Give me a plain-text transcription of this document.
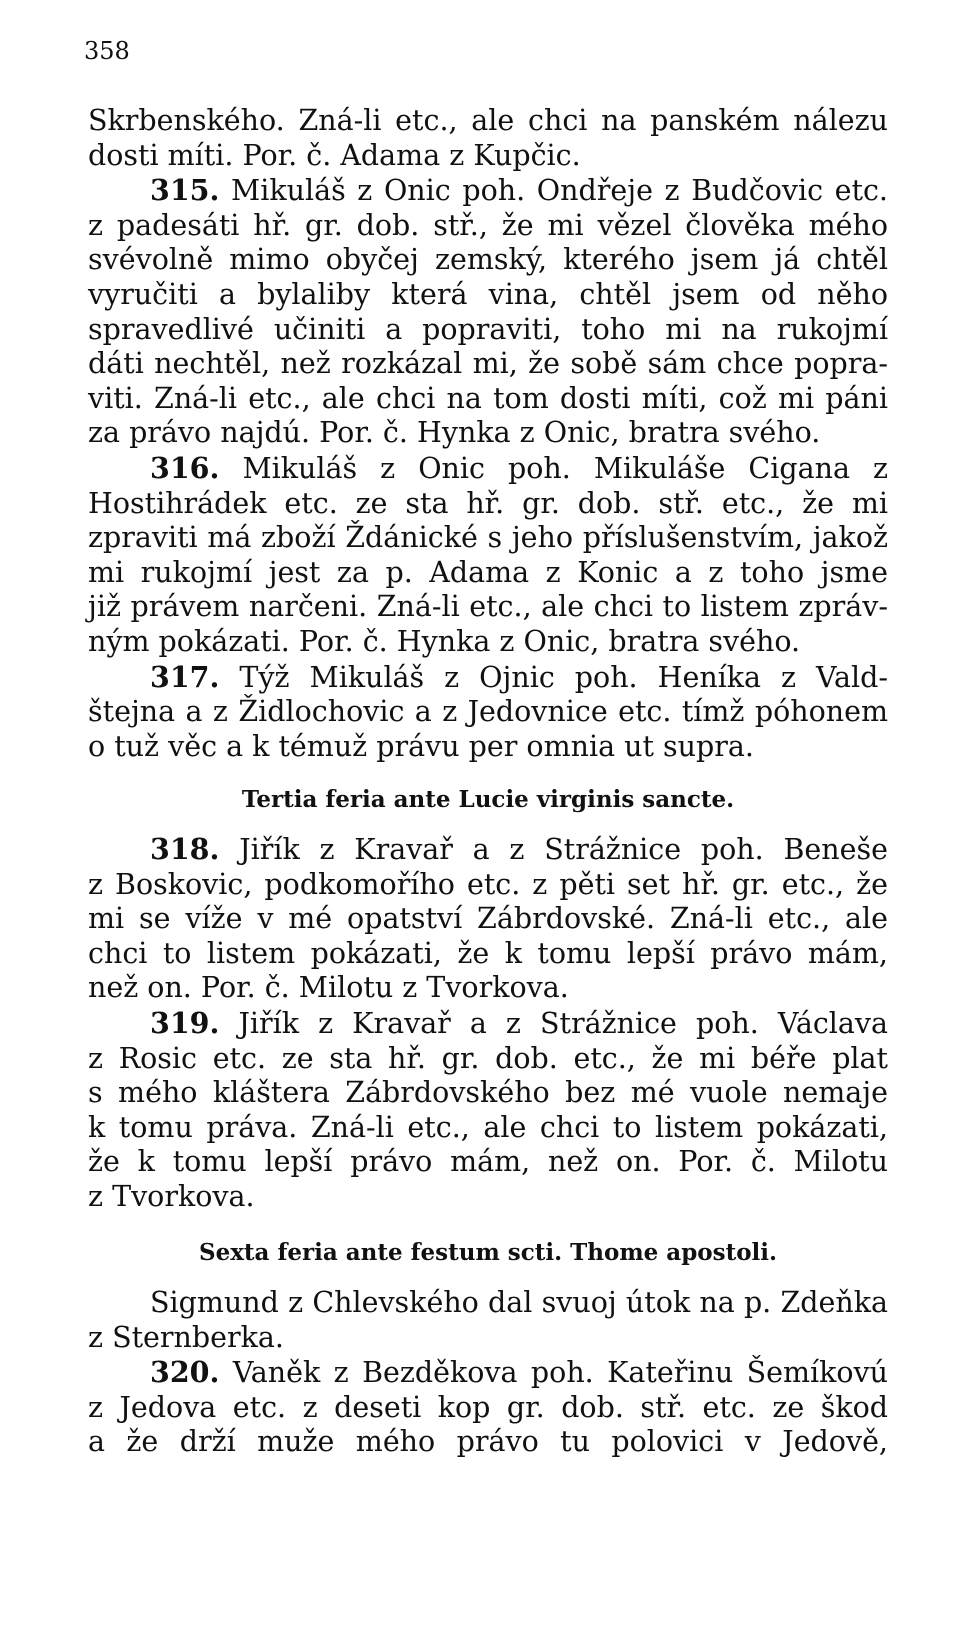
358
Skrbenského. Zná-li etc., ale chci na panském nálezu
dosti míti. Por. č. Adama z Kupčic.
315. Mikuláš z Onic poh. Ondřeje z Budčovic etc.
z padesáti hř. gr. dob. stř., že mi vězel člověka mého
svévolně mimo obyčej zemský, kterého jsem já chtěl
vyručiti a bylaliby která vina, chtěl jsem od něho
spravedlivé učiniti a popraviti, toho mi na rukojmí
dáti nechtěl, než rozkázal mi, že sobě sám chce popra-
viti. Zná-li etc., ale chci na tom dosti míti, což mi páni
za právo najdú. Por. č. Hynka z Onic, bratra svého.
316. Mikuláš z Onic poh. Mikuláše Cigana z
Hostihrádek etc. ze sta hř. gr. dob. stř. etc., že mi
zpraviti má zboží Ždánické s jeho příslušenstvím, jakož
mi rukojmí jest za p. Adama z Konic a z toho jsme
již právem narčeni. Zná-li etc., ale chci to listem zpráv-
ným pokázati. Por. č. Hynka z Onic, bratra svého.
317. Týž Mikuláš z Ojnic poh. Heníka z Vald-
štejna a z Židlochovic a z Jedovnice etc. tímž póhonem
o tuž věc a k témuž právu per omnia ut supra.
Tertia feria ante Lucie virginis sancte.
318. Jiřík z Kravař a z Strážnice poh. Beneše
z Boskovic, podkomořího etc. z pěti set hř. gr. etc., že
mi se víže v mé opatství Zábrdovské. Zná-li etc., ale
chci to listem pokázati, že k tomu lepší právo mám,
než on. Por. č. Milotu z Tvorkova.
319. Jiřík z Kravař a z Strážnice poh. Václava
z Rosic etc. ze sta hř. gr. dob. etc., že mi béře plat
s mého kláštera Zábrdovského bez mé vuole nemaje
k tomu práva. Zná-li etc., ale chci to listem pokázati,
že k tomu lepší právo mám, než on. Por. č. Milotu
z Tvorkova.
Sexta feria ante festum scti. Thome apostoli.
Sigmund z Chlevského dal svuoj útok na p. Zdeňka
z Sternberka.
320. Vaněk z Bezděkova poh. Kateřinu Šemíkovú
z Jedova etc. z deseti kop gr. dob. stř. etc. ze škod
a že drží muže mého právo tu polovici v Jedově,
